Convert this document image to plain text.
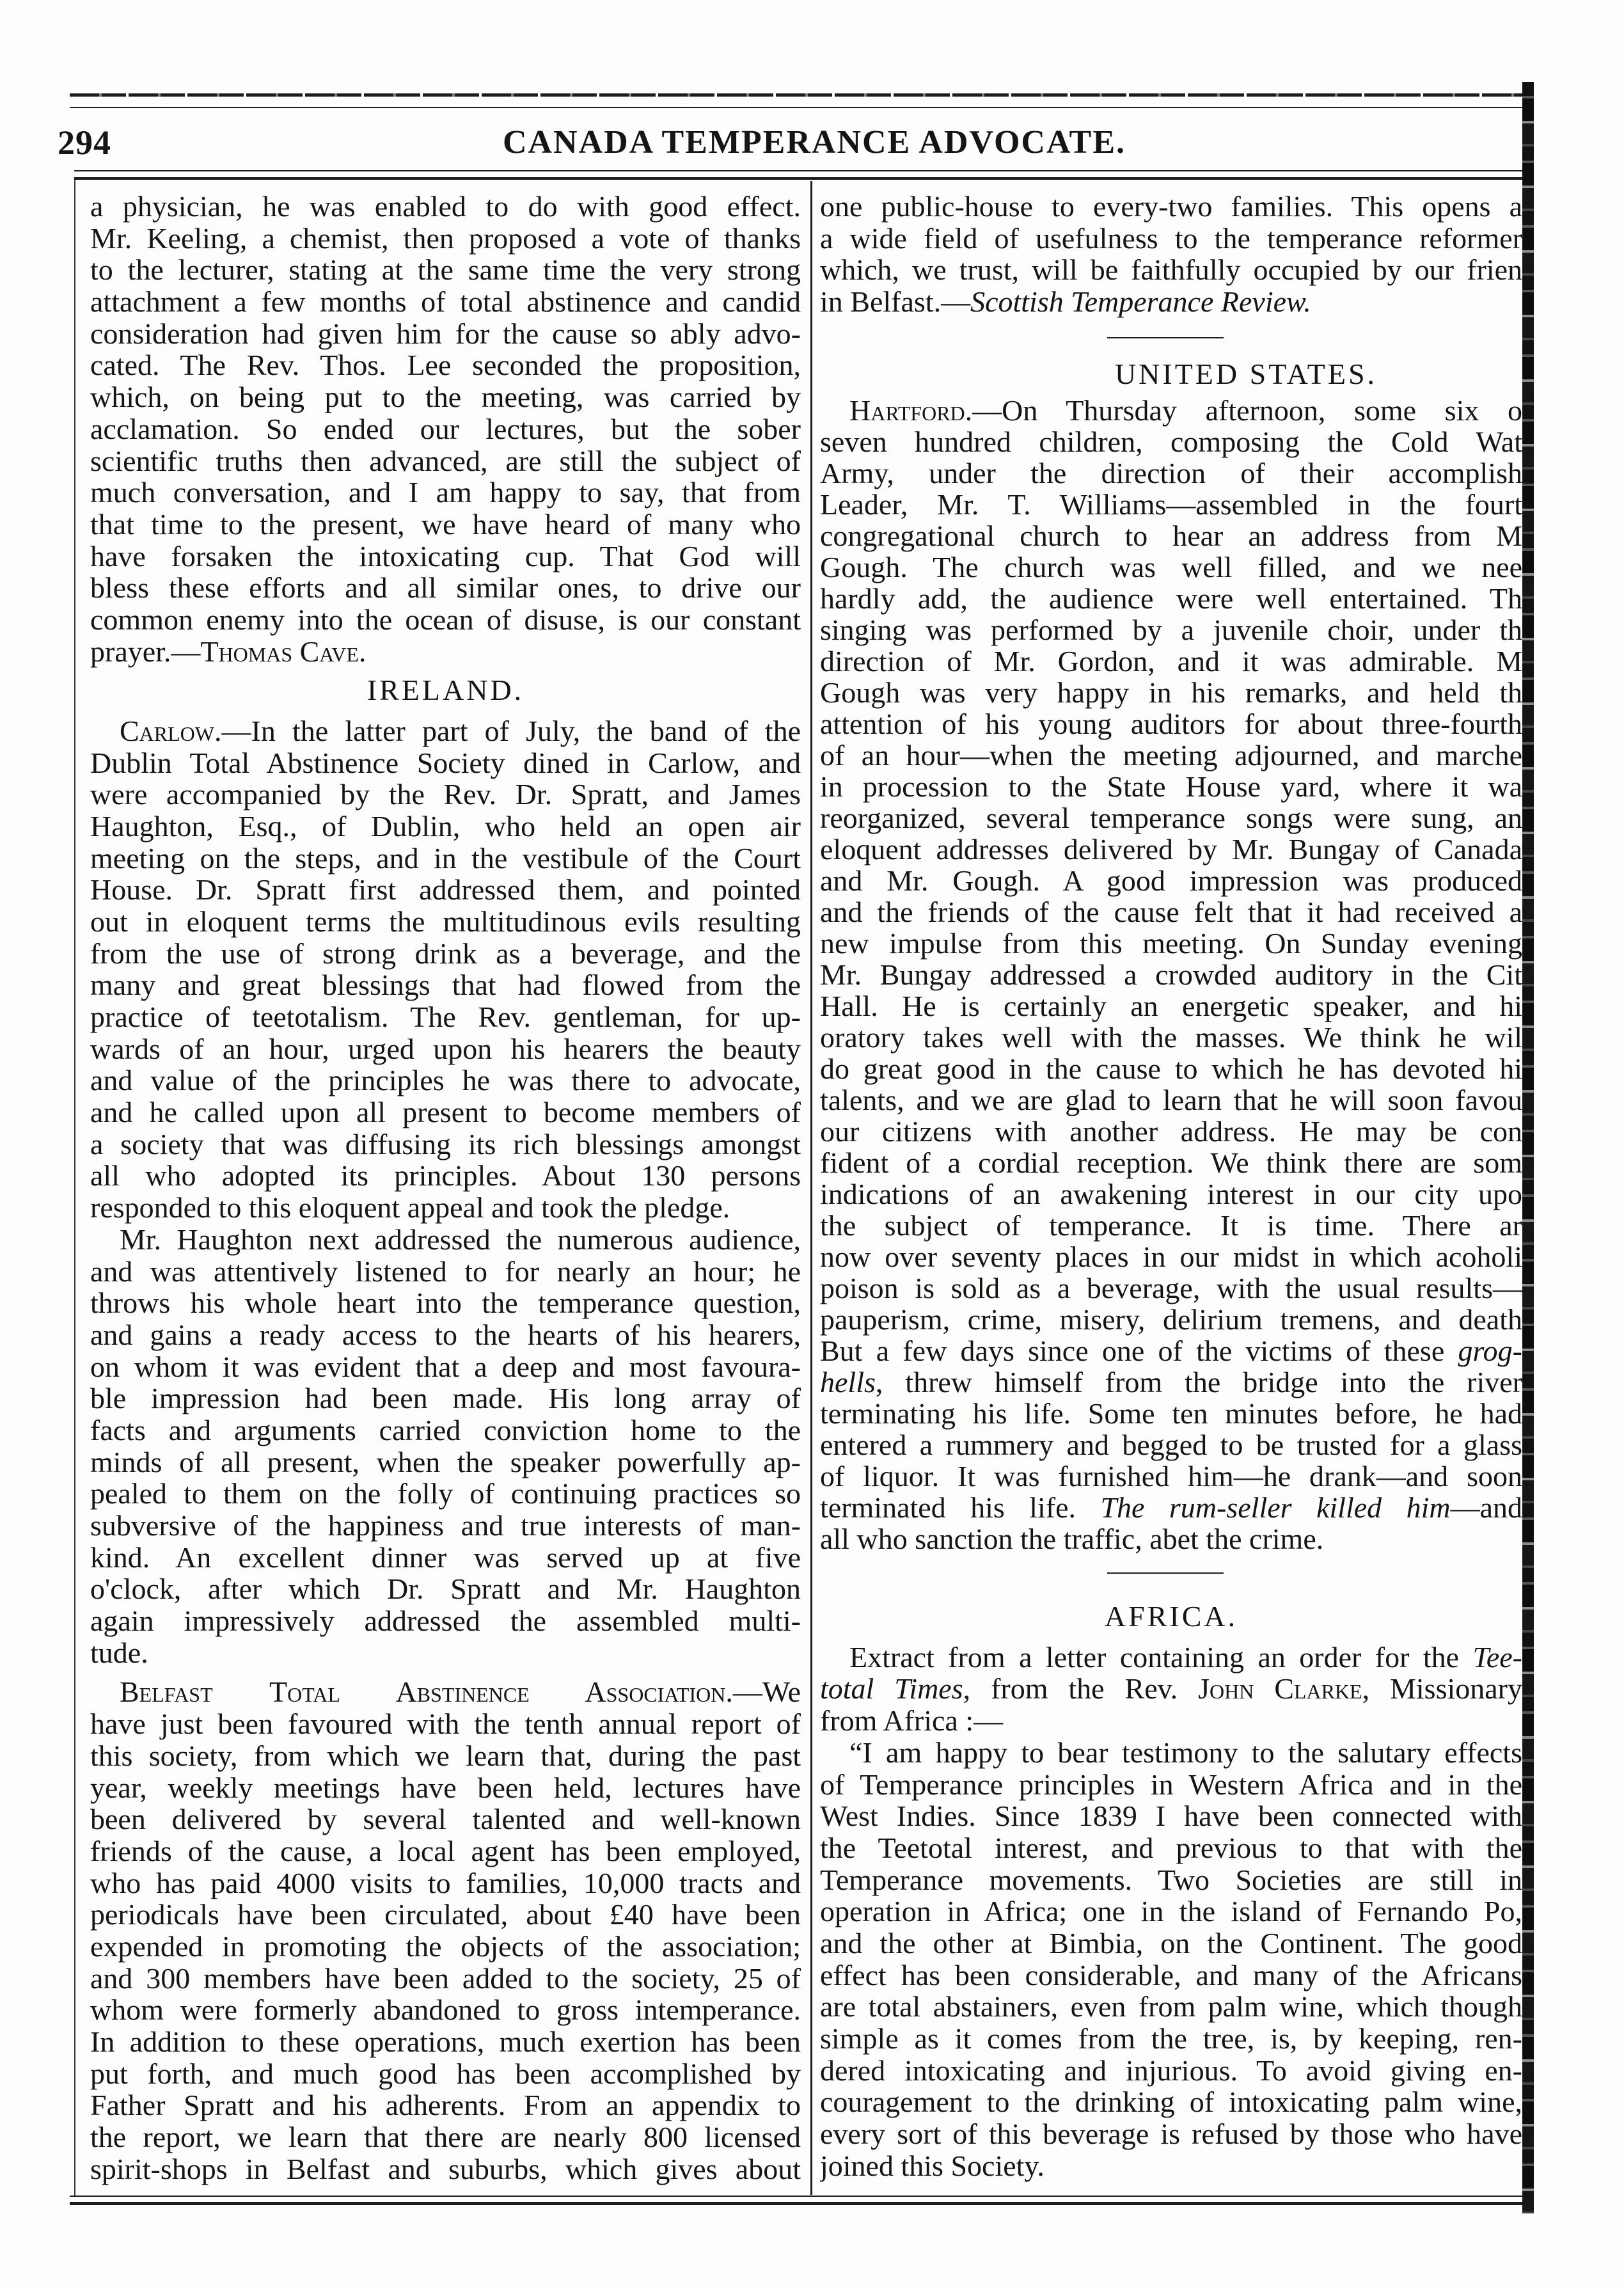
294	CANADA TEMPERANCE ADVOCATE.
a physician, he was enabled to do with good effect.
Mr. Keeling, a chemist, then proposed a vote of thanks
to the lecturer, stating at the same time the very strong
attachment a few months of total abstinence and candid
consideration had given him for the cause so ably advo-
cated. The Rev. Thos. Lee seconded the proposition,
which, on being put to the meeting, was carried by
acclamation. So ended our lectures, but the sober
scientific truths then advanced, are still the subject of
much conversation, and I am happy to say, that from
that time to the present, we have heard of many who
have forsaken the intoxicating cup. That God will
bless these efforts and all similar ones, to drive our
common enemy into the ocean of disuse, is our constant
prayer.—Thomas Cave.
IRELAND.
Carlow.—In the latter part of July, the band of the
Dublin Total Abstinence Society dined in Carlow, and
were accompanied by the Rev. Dr. Spratt, and James
Haughton, Esq., of Dublin, who held an open air
meeting on the steps, and in the vestibule of the Court
House. Dr. Spratt first addressed them, and pointed
out in eloquent terms the multitudinous evils resulting
from the use of strong drink as a beverage, and the
many and great blessings that had flowed from the
practice of teetotalism. The Rev. gentleman, for up-
wards of an hour, urged upon his hearers the beauty
and value of the principles he was there to advocate,
and he called upon all present to become members of
a society that was diffusing its rich blessings amongst
all who adopted its principles. About 130 persons
responded to this eloquent appeal and took the pledge.
Mr. Haughton next addressed the numerous audience,
and was attentively listened to for nearly an hour; he
throws his whole heart into the temperance question,
and gains a ready access to the hearts of his hearers,
on whom it was evident that a deep and most favoura-
ble impression had been made. His long array of
facts and arguments carried conviction home to the
minds of all present, when the speaker powerfully ap-
pealed to them on the folly of continuing practices so
subversive of the happiness and true interests of man-
kind. An excellent dinner was served up at five
o'clock, after which Dr. Spratt and Mr. Haughton
again impressively addressed the assembled multi-
tude.
Belfast Total Abstinence Association.—We
have just been favoured with the tenth annual report of
this society, from which we learn that, during the past
year, weekly meetings have been held, lectures have
been delivered by several talented and well-known
friends of the cause, a local agent has been employed,
who has paid 4000 visits to families, 10,000 tracts and
periodicals have been circulated, about £40 have been
expended in promoting the objects of the association;
and 300 members have been added to the society, 25 of
whom were formerly abandoned to gross intemperance.
In addition to these operations, much exertion has been
put forth, and much good has been accomplished by
Father Spratt and his adherents. From an appendix to
the report, we learn that there are nearly 800 licensed
spirit-shops in Belfast and suburbs, which gives about
one public-house to every-two families. This opens a
a wide field of usefulness to the temperance reformer
which, we trust, will be faithfully occupied by our frien
in Belfast.—Scottish Temperance Review.
UNITED STATES.
Hartford.—On Thursday afternoon, some six o
seven hundred children, composing the Cold Wat
Army, under the direction of their accomplish
Leader, Mr. T. Williams—assembled in the fourt
congregational church to hear an address from M
Gough. The church was well filled, and we nee
hardly add, the audience were well entertained. Th
singing was performed by a juvenile choir, under th
direction of Mr. Gordon, and it was admirable. M
Gough was very happy in his remarks, and held th
attention of his young auditors for about three-fourth
of an hour—when the meeting adjourned, and marche
in procession to the State House yard, where it wa
reorganized, several temperance songs were sung, an
eloquent addresses delivered by Mr. Bungay of Canada
and Mr. Gough. A good impression was produced
and the friends of the cause felt that it had received a
new impulse from this meeting. On Sunday evening
Mr. Bungay addressed a crowded auditory in the Cit
Hall. He is certainly an energetic speaker, and hi
oratory takes well with the masses. We think he wil
do great good in the cause to which he has devoted hi
talents, and we are glad to learn that he will soon favou
our citizens with another address. He may be con
fident of a cordial reception. We think there are som
indications of an awakening interest in our city upo
the subject of temperance. It is time. There ar
now over seventy places in our midst in which acoholi
poison is sold as a beverage, with the usual results—
pauperism, crime, misery, delirium tremens, and death
But a few days since one of the victims of these grog-
hells, threw himself from the bridge into the river
terminating his life. Some ten minutes before, he had
entered a rummery and begged to be trusted for a glass
of liquor. It was furnished him—he drank—and soon
terminated his life. The rum-seller killed him—and
all who sanction the traffic, abet the crime.
AFRICA.
Extract from a letter containing an order for the Tee-
total Times, from the Rev. John Clarke, Missionary
from Africa :—
“I am happy to bear testimony to the salutary effects
of Temperance principles in Western Africa and in the
West Indies. Since 1839 I have been connected with
the Teetotal interest, and previous to that with the
Temperance movements. Two Societies are still in
operation in Africa; one in the island of Fernando Po,
and the other at Bimbia, on the Continent. The good
effect has been considerable, and many of the Africans
are total abstainers, even from palm wine, which though
simple as it comes from the tree, is, by keeping, ren-
dered intoxicating and injurious. To avoid giving en-
couragement to the drinking of intoxicating palm wine,
every sort of this beverage is refused by those who have
joined this Society.
